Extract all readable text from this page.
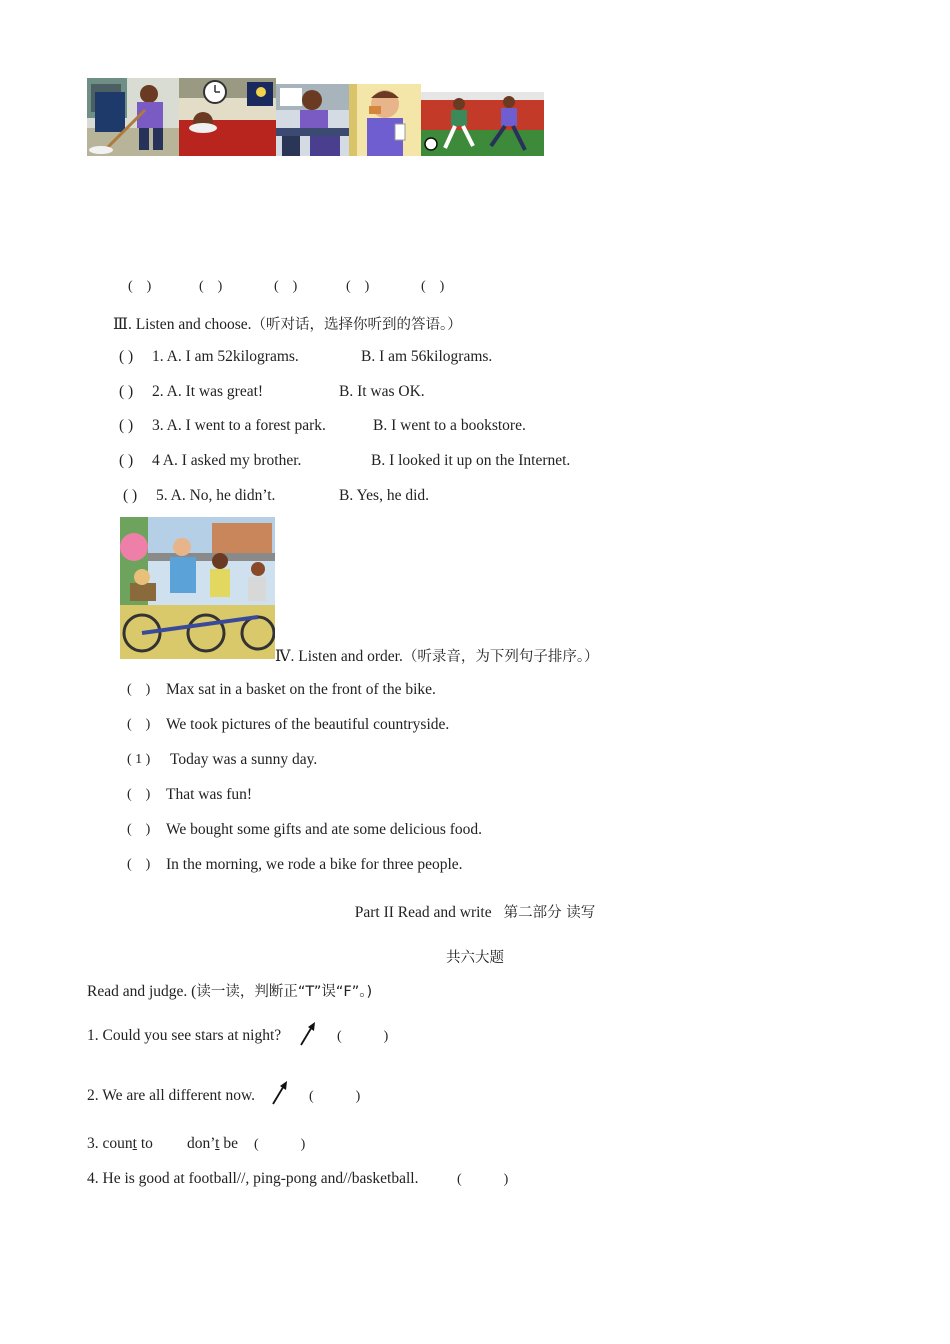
(    )	(    )	(    )	(    )	(    )
Ⅲ. Listen and choose.（听对话，选择你听到的答语。）
( ) 1. A. I am 52kilograms.	B. I am 56kilograms.
( ) 2. A. It was great!	B. It was OK.
( ) 3. A. I went to a forest park.	B. I went to a bookstore.
( ) 4 A. I asked my brother.	B. I looked it up on the Internet.
( ) 5. A. No, he didn’t.	B. Yes, he did.
Ⅳ. Listen and order.（听录音，为下列句子排序。）
(    ) Max sat in a basket on the front of the bike.
(    ) We took pictures of the beautiful countryside.
( 1 ) Today was a sunny day.
(    ) That was fun!
(    ) We bought some gifts and ate some delicious food.
(    ) In the morning, we rode a bike for three people.
Part II Read and write 第二部分 读写
共六大题
Read and judge. (读一读，判断正“T”误“F”。)
1. Could you see stars at night?	(            )
2. We are all different now.	(            )
3. count to don’t be (            )
4. He is good at football//, ping-pong and//basketball.	(            )
